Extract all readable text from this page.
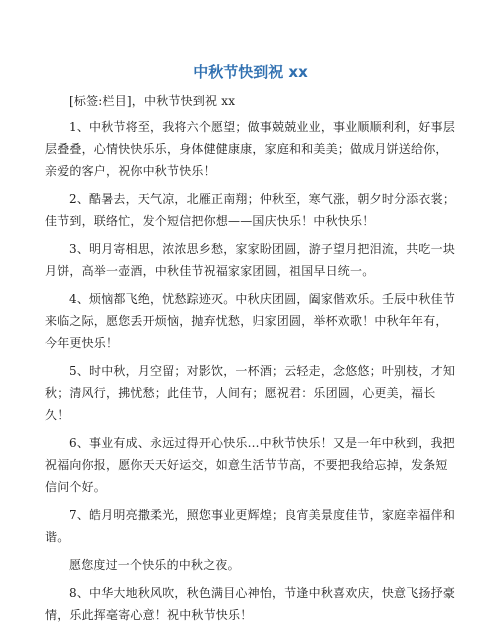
中秋节快到祝 xx

[标签:栏目]，中秋节快到祝 xx

1、中秋节将至，我将六个愿望；做事兢兢业业，事业顺顺利利，好事层层叠叠，心情快快乐乐，身体健健康康，家庭和和美美；做成月饼送给你，亲爱的客户，祝你中秋节快乐！

2、酷暑去，天气凉，北雁正南翔；仲秋至，寒气涨，朝夕时分添衣裳；佳节到，联络忙，发个短信把你想——国庆快乐！中秋快乐！

3、明月寄相思，浓浓思乡愁，家家盼团圆，游子望月把泪流，共吃一块月饼，高举一壶酒，中秋佳节祝福家家团圆，祖国早日统一。

4、烦恼都飞绝，忧愁踪迹灭。中秋庆团圆，阖家偕欢乐。壬辰中秋佳节来临之际，愿您丢开烦恼，抛弃忧愁，归家团圆，举杯欢歌！中秋年年有，今年更快乐！

5、时中秋，月空留；对影饮，一杯酒；云轻走，念悠悠；叶别枝，才知秋；清风行，拂忧愁；此佳节，人间有；愿祝君：乐团圆，心更美，福长久！

6、事业有成、永远过得开心快乐...中秋节快乐！又是一年中秋到，我把祝福向你报，愿你天天好运交，如意生活节节高，不要把我给忘掉，发条短信问个好。

7、皓月明亮撒柔光，照您事业更辉煌；良宵美景度佳节，家庭幸福伴和谐。

愿您度过一个快乐的中秋之夜。

8、中华大地秋风吹，秋色满目心神怡，节逢中秋喜欢庆，快意飞扬抒豪情，乐此挥毫寄心意！祝中秋节快乐！
